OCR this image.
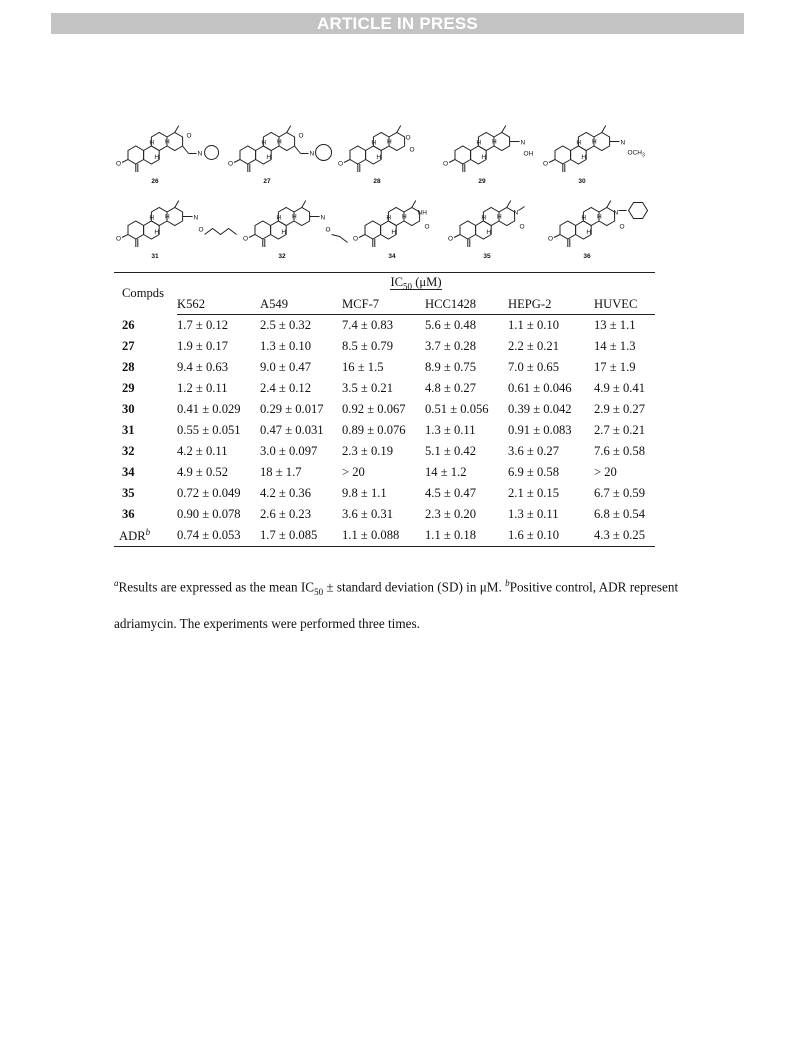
ARTICLE IN PRESS
O
H
H
H
O
N
26
O
H
H
H
O
N
27
O
H
H
H
O
O
28
O
H
H
H	N
OH
29
O
H
H
H	N
$OCH_3$
30
O
H
H
H	N
O
31
O
H
H
H	N
O
32
O
H
H
H
NH
O
34
O
H
H
H
N
O
35
O
H
H
H
N
O
36
Compds	$IC_{50}$ (μM)					
	K562	A549	MCF-7	HCC1428	HEPG-2	HUVEC
26	1.7 ± 0.12	2.5 ± 0.32	7.4 ± 0.83	5.6 ± 0.48	1.1 ± 0.10	13 ± 1.1
27	1.9 ± 0.17	1.3 ± 0.10	8.5 ± 0.79	3.7 ± 0.28	2.2 ± 0.21	14 ± 1.3
28	9.4 ± 0.63	9.0 ± 0.47	16 ± 1.5	8.9 ± 0.75	7.0 ± 0.65	17 ± 1.9
29	1.2 ± 0.11	2.4 ± 0.12	3.5 ± 0.21	4.8 ± 0.27	0.61 ± 0.046	4.9 ± 0.41
30	0.41 ± 0.029	0.29 ± 0.017	0.92 ± 0.067	0.51 ± 0.056	0.39 ± 0.042	2.9 ± 0.27
31	0.55 ± 0.051	0.47 ± 0.031	0.89 ± 0.076	1.3 ± 0.11	0.91 ± 0.083	2.7 ± 0.21
32	4.2 ± 0.11	3.0 ± 0.097	2.3 ± 0.19	5.1 ± 0.42	3.6 ± 0.27	7.6 ± 0.58
34	4.9 ± 0.52	18 ± 1.7	> 20	14 ± 1.2	6.9 ± 0.58	> 20
35	0.72 ± 0.049	4.2 ± 0.36	9.8 ± 1.1	4.5 ± 0.47	2.1 ± 0.15	6.7 ± 0.59
36	0.90 ± 0.078	2.6 ± 0.23	3.6 ± 0.31	2.3 ± 0.20	1.3 ± 0.11	6.8 ± 0.54
ADR$^b$	0.74 ± 0.053	1.7 ± 0.085	1.1 ± 0.088	1.1 ± 0.18	1.6 ± 0.10	4.3 ± 0.25
$^a$Results are expressed as the mean $IC_{50}$ ± standard deviation (SD) in μM. $^b$Positive control, ADR represent adriamycin. The experiments were performed three times.
